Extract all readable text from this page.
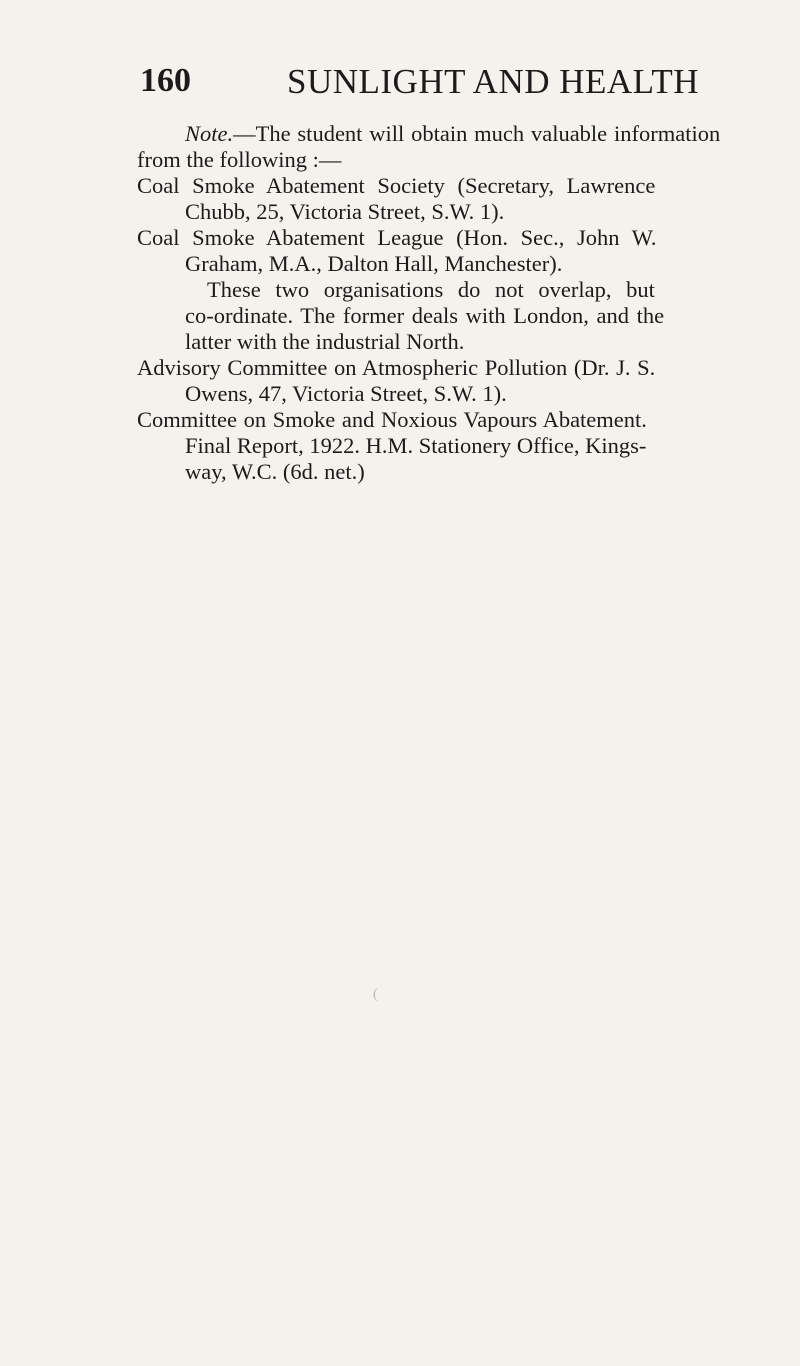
160	SUNLIGHT AND HEALTH
Note. —The student will obtain much valuable information
from the following :—
Coal Smoke Abatement Society (Secretary, Lawrence
Chubb, 25, Victoria Street, S.W. 1).
Coal Smoke Abatement League (Hon. Sec., John W.
Graham, M.A., Dalton Hall, Manchester).
These two organisations do not overlap, but
co-ordinate. The former deals with London, and the
latter with the industrial North.
Advisory Committee on Atmospheric Pollution (Dr. J. S.
Owens, 47, Victoria Street, S.W. 1).
Committee on Smoke and Noxious Vapours Abatement.
Final Report, 1922. H.M. Stationery Office, Kings-
way, W.C. (6d. net.)
(
